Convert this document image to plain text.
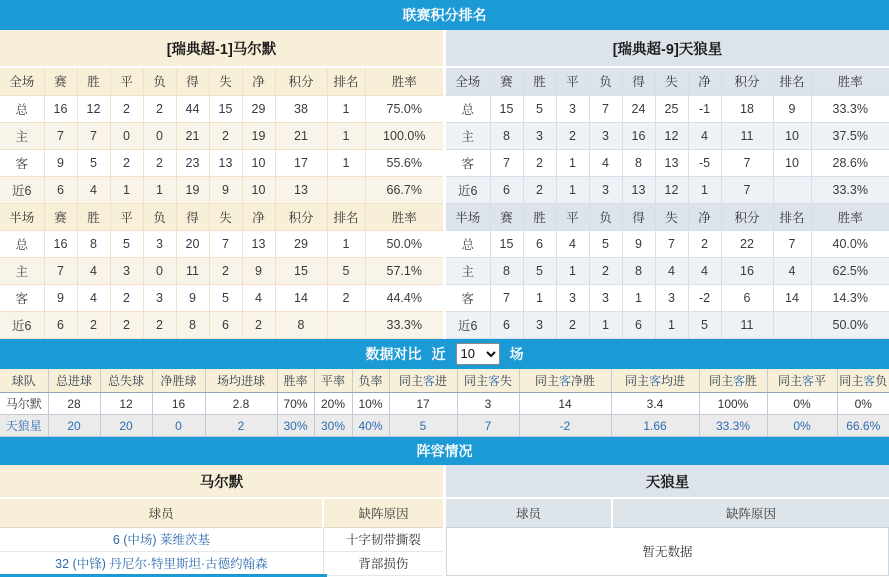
联赛积分排名
[瑞典超-1]马尔默
全场	赛	胜	平	负	得	失	净	积分	排名	胜率
总	16	12	2	2	44	15	29	38	1	75.0%
主	7	7	0	0	21	2	19	21	1	100.0%
客	9	5	2	2	23	13	10	17	1	55.6%
近6	6	4	1	1	19	9	10	13		66.7%
半场	赛	胜	平	负	得	失	净	积分	排名	胜率
总	16	8	5	3	20	7	13	29	1	50.0%
主	7	4	3	0	11	2	9	15	5	57.1%
客	9	4	2	3	9	5	4	14	2	44.4%
近6	6	2	2	2	8	6	2	8		33.3%
[瑞典超-9]天狼星
全场	赛	胜	平	负	得	失	净	积分	排名	胜率
总	15	5	3	7	24	25	-1	18	9	33.3%
主	8	3	2	3	16	12	4	11	10	37.5%
客	7	2	1	4	8	13	-5	7	10	28.6%
近6	6	2	1	3	13	12	1	7		33.3%
半场	赛	胜	平	负	得	失	净	积分	排名	胜率
总	15	6	4	5	9	7	2	22	7	40.0%
主	8	5	1	2	8	4	4	16	4	62.5%
客	7	1	3	3	1	3	-2	6	14	14.3%
近6	6	3	2	1	6	1	5	11		50.0%
数据对比 近
10	场
球队	总进球	总失球	净胜球	场均进球	胜率	平率	负率	同主客进	同主客失	同主客净胜	同主客均进	同主客胜	同主客平	同主客负
马尔默	28	12	16	2.8	70%	20%	10%	17	3	14	3.4	100%	0%	0%
天狼星	20	20	0	2	30%	30%	40%	5	7	-2	1.66	33.3%	0%	66.6%
阵容情况
马尔默
球员	缺阵原因
6 (中场) 莱维茨基	十字韧带撕裂
32 (中锋) 丹尼尔·特里斯坦·古德约翰森	背部损伤
天狼星
球员	缺阵原因
暂无数据
